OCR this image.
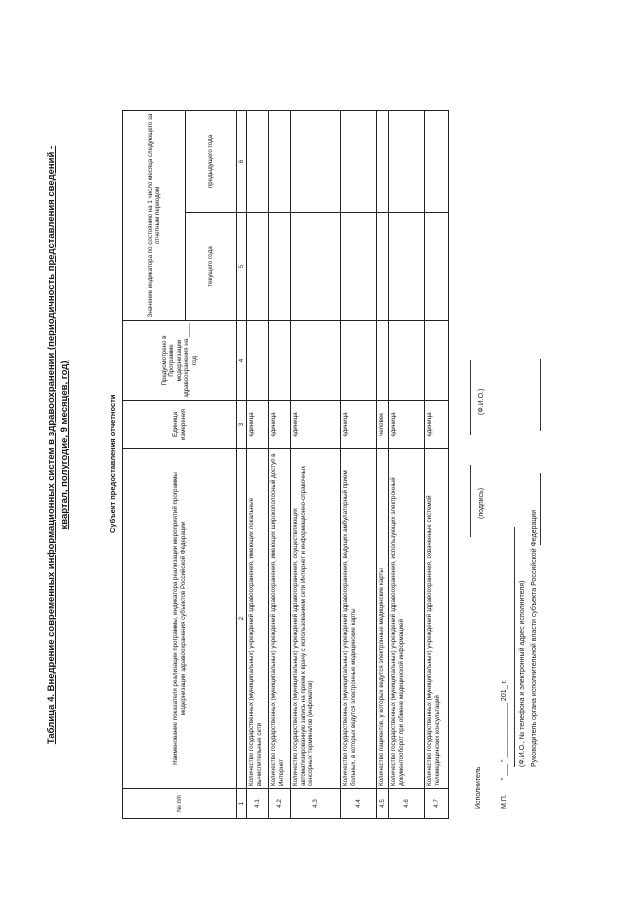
Таблица 4. Внедрение современных информационных систем в здравоохранении (периодичность представления сведений - квартал, полугодие, 9 месяцев, год)	Субъект предоставления отчетности
№ п/п	Наименование показателя реализации программы, индикатора реализации мероприятий программы модернизации здравоохранения субъектов Российской Федерации	Единица измерения	Предусмотрено в Программе модернизации здравоохранения на ____ год	Значение индикатора по состоянию на 1 число месяца следующего за отчетным периодом	
				текущего года	предыдущего года
1	2	3	4	5	6
4.1	Количество государственных (муниципальных) учреждений здравоохранения, имеющих локальные вычислительные сети	единица			
4.2	Количество государственных (муниципальных) учреждений здравоохранения, имеющих широкополосный доступ в Интернет	единица			
4.3	Количество государственных (муниципальных) учреждений здравоохранения, осуществляющих автоматизированную запись на прием к врачу с использованием сети Интернет и информационно-справочных сенсорных терминалов (инфоматов)	единица			
4.4	Количество государственных (муниципальных) учреждений здравоохранения, ведущих амбулаторный прием больных, в которых ведутся электронные медицинские карты	единица			
4.5	Количество пациентов, у которых ведутся электронные медицинские карты	человек			
4.6	Количество государственных (муниципальных) учреждений здравоохранения, использующих электронный документооборот при обмене медицинской информацией	единица			
4.7	Количество государственных (муниципальных) учреждений здравоохранения, охваченные системой телемедицинских консультаций	единица			
Исполнитель
(подпись)
(Ф.И.О.)
М.П.
" ___ " ______________ 201_ г. (Ф.И.О., № телефона и электронный адрес исполнителя) Руководитель органа исполнительной власти субъекта Российской Федерации
